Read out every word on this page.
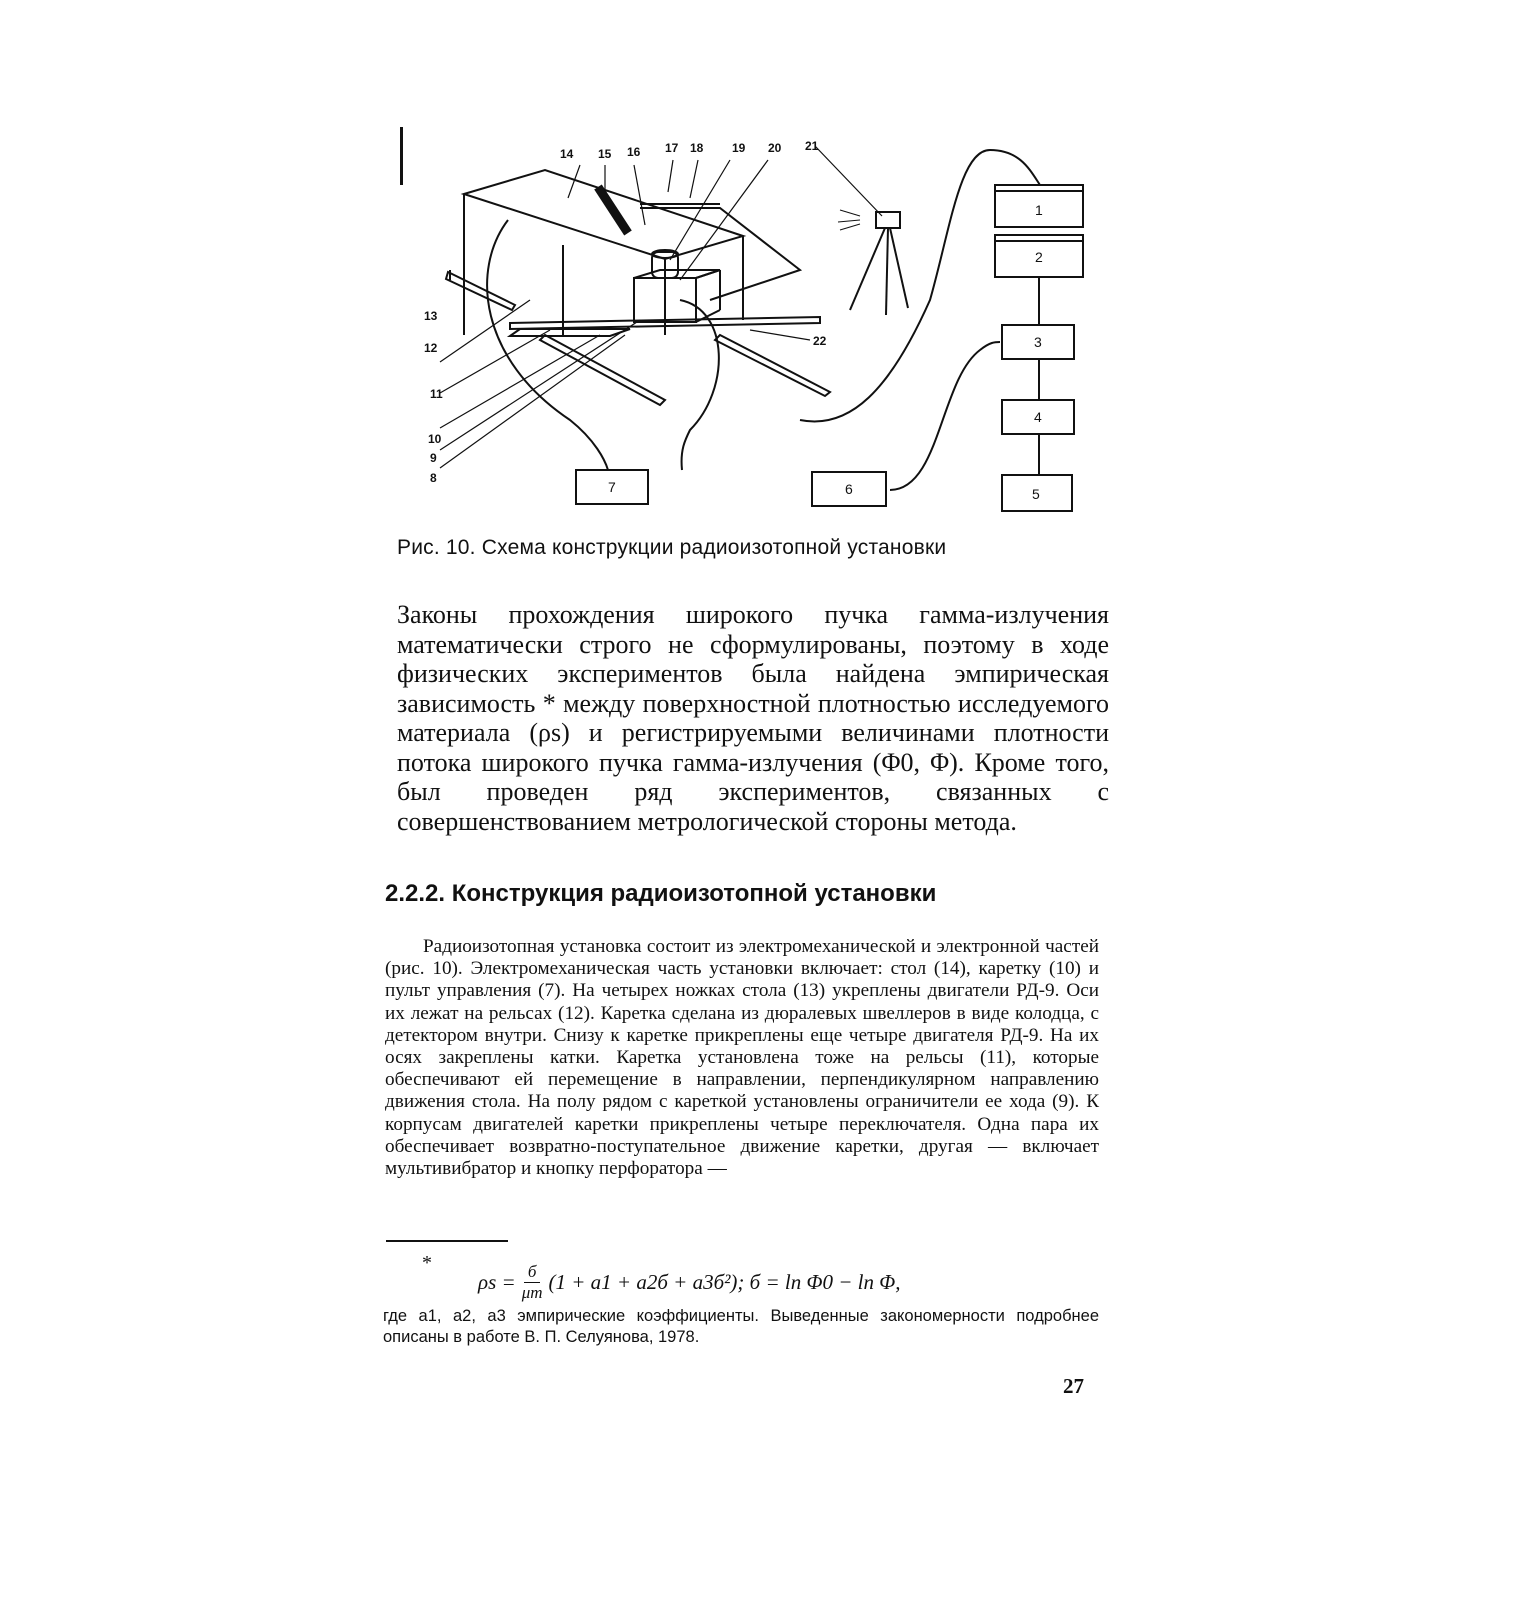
14 15 16 17 18 19 20 21
22
13
12
11
10
9
8
1
2
3
4
5
6
7
Рис. 10. Схема конструкции радиоизотопной установки

Законы прохождения широкого пучка гамма-излучения математически строго не сформулированы, поэтому в ходе физических экспериментов была найдена эмпирическая зависимость * между поверхностной плотностью исследуемого материала (ρs) и регистрируемыми величинами плотности потока широкого пучка гамма-излучения (Φ0, Φ). Кроме того, был проведен ряд экспериментов, связанных с совершенствованием метрологической стороны метода.

2.2.2. Конструкция радиоизотопной установки

Радиоизотопная установка состоит из электромеханической и электронной частей (рис. 10). Электромеханическая часть установки включает: стол (14), каретку (10) и пульт управления (7). На четырех ножках стола (13) укреплены двигатели РД-9. Оси их лежат на рельсах (12). Каретка сделана из дюралевых швеллеров в виде колодца, с детектором внутри. Снизу к каретке прикреплены еще четыре двигателя РД-9. На их осях закреплены катки. Каретка установлена тоже на рельсы (11), которые обеспечивают ей перемещение в направлении, перпендикулярном направлению движения стола. На полу рядом с кареткой установлены ограничители ее хода (9). К корпусам двигателей каретки прикреплены четыре переключателя. Одна пара их обеспечивает возвратно-поступательное движение каретки, другая — включает мультивибратор и кнопку перфоратора —

*
$\rho s = \frac{б}{\mu m} (1 + a1 + a2б + a3б^2)$; б = ln Φ0 − ln Φ,

где a1, a2, a3 эмпирические коэффициенты. Выведенные закономерности подробнее описаны в работе В. П. Селуянова, 1978.

27
